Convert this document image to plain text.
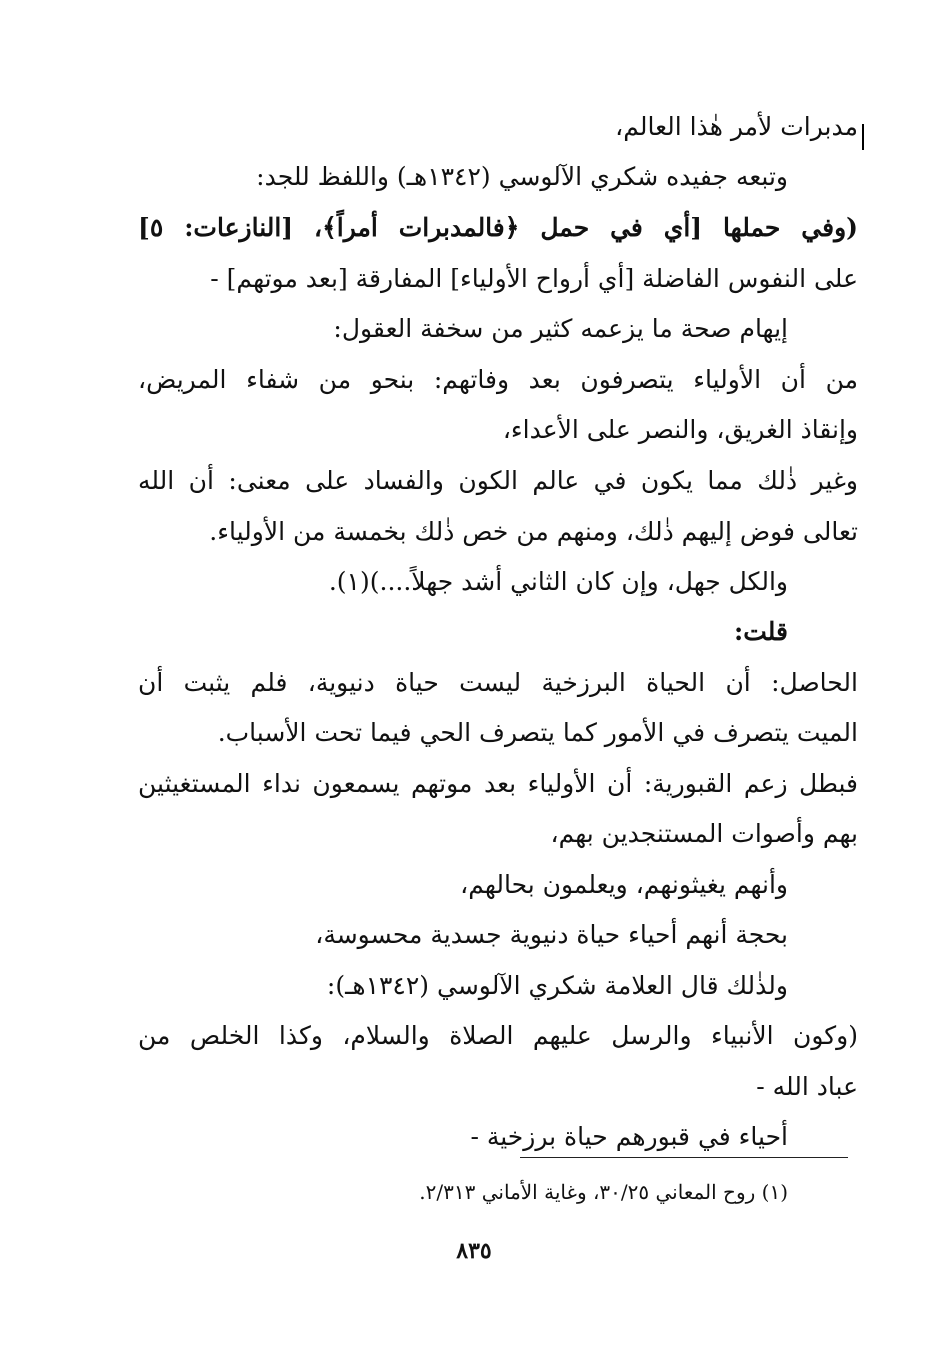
مدبرات لأمر هٰذا العالم،
وتبعه جفيده شكري الآلوسي (١٣٤٢هـ) واللفظ للجد:
(وفي حملها [أي في حمل ﴿فالمدبرات أمراً﴾، [النازعات: ٥]
على النفوس الفاضلة [أي أرواح الأولياء] المفارقة [بعد موتهم] -
إيهام صحة ما يزعمه كثير من سخفة العقول:
من أن الأولياء يتصرفون بعد وفاتهم: بنحو من شفاء المريض،
وإنقاذ الغريق، والنصر على الأعداء،
وغير ذٰلك مما يكون في عالم الكون والفساد على معنى: أن الله
تعالى فوض إليهم ذٰلك، ومنهم من خص ذٰلك بخمسة من الأولياء.
والكل جهل، وإن كان الثاني أشد جهلاً....)(١).
قلت:
الحاصل: أن الحياة البرزخية ليست حياة دنيوية، فلم يثبت أن
الميت يتصرف في الأمور كما يتصرف الحي فيما تحت الأسباب.
فبطل زعم القبورية: أن الأولياء بعد موتهم يسمعون نداء المستغيثين
بهم وأصوات المستنجدين بهم،
وأنهم يغيثونهم، ويعلمون بحالهم،
بحجة أنهم أحياء حياة دنيوية جسدية محسوسة،
ولذٰلك قال العلامة شكري الآلوسي (١٣٤٢هـ):
(وكون الأنبياء والرسل عليهم الصلاة والسلام، وكذا الخلص من
عباد الله -
أحياء في قبورهم حياة برزخية -
(١) روح المعاني ٣٠/٢٥، وغاية الأماني ٢/٣١٣.
٨٣٥
